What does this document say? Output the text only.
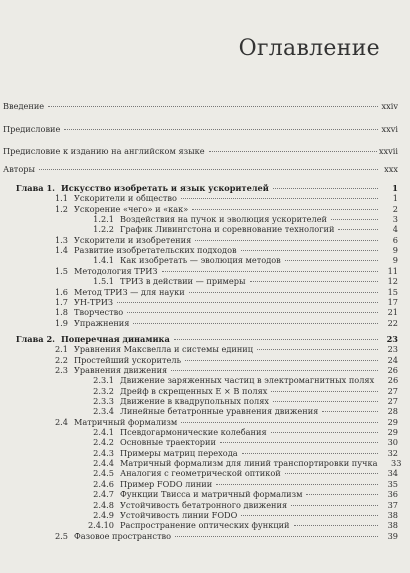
Оглавление
Введение	xxiv
Предисловие	xxvi
Предисловие к изданию на английском языке	xxvii
Авторы	xxx
Глава 1. Искусство изобретать и язык ускорителей	1
1.1 Ускорители и общество	1
1.2 Ускорение «чего» и «как»	2
1.2.1 Воздействия на пучок и эволюция ускорителей	3
1.2.2 График Ливингстона и соревнование технологий	4
1.3 Ускорители и изобретения	6
1.4 Развитие изобретательских подходов	9
1.4.1 Как изобретать — эволюция методов	9
1.5 Методология ТРИЗ	11
1.5.1 ТРИЗ в действии — примеры	12
1.6 Метод ТРИЗ — для науки	15
1.7 УН-ТРИЗ	17
1.8 Творчество	21
1.9 Упражнения	22
Глава 2. Поперечная динамика	23
2.1 Уравнения Максвелла и системы единиц	23
2.2 Простейший ускоритель	24
2.3 Уравнения движения	26
2.3.1 Движение заряженных частиц в электромагнитных полях	26
2.3.2 Дрейф в скрещенных E × B полях	27
2.3.3 Движение в квадрупольных полях	27
2.3.4 Линейные бетатронные уравнения движения	28
2.4 Матричный формализм	29
2.4.1 Псевдогармонические колебания	29
2.4.2 Основные траектории	30
2.4.3 Примеры матриц перехода	32
2.4.4 Матричный формализм для линий транспортировки пучка	33
2.4.5 Аналогия с геометрической оптикой	34
2.4.6 Пример FODO линии	35
2.4.7 Функции Твисса и матричный формализм	36
2.4.8 Устойчивость бетатронного движения	37
2.4.9 Устойчивость линии FODO	38
2.4.10 Распространение оптических функций	38
2.5 Фазовое пространство	39
